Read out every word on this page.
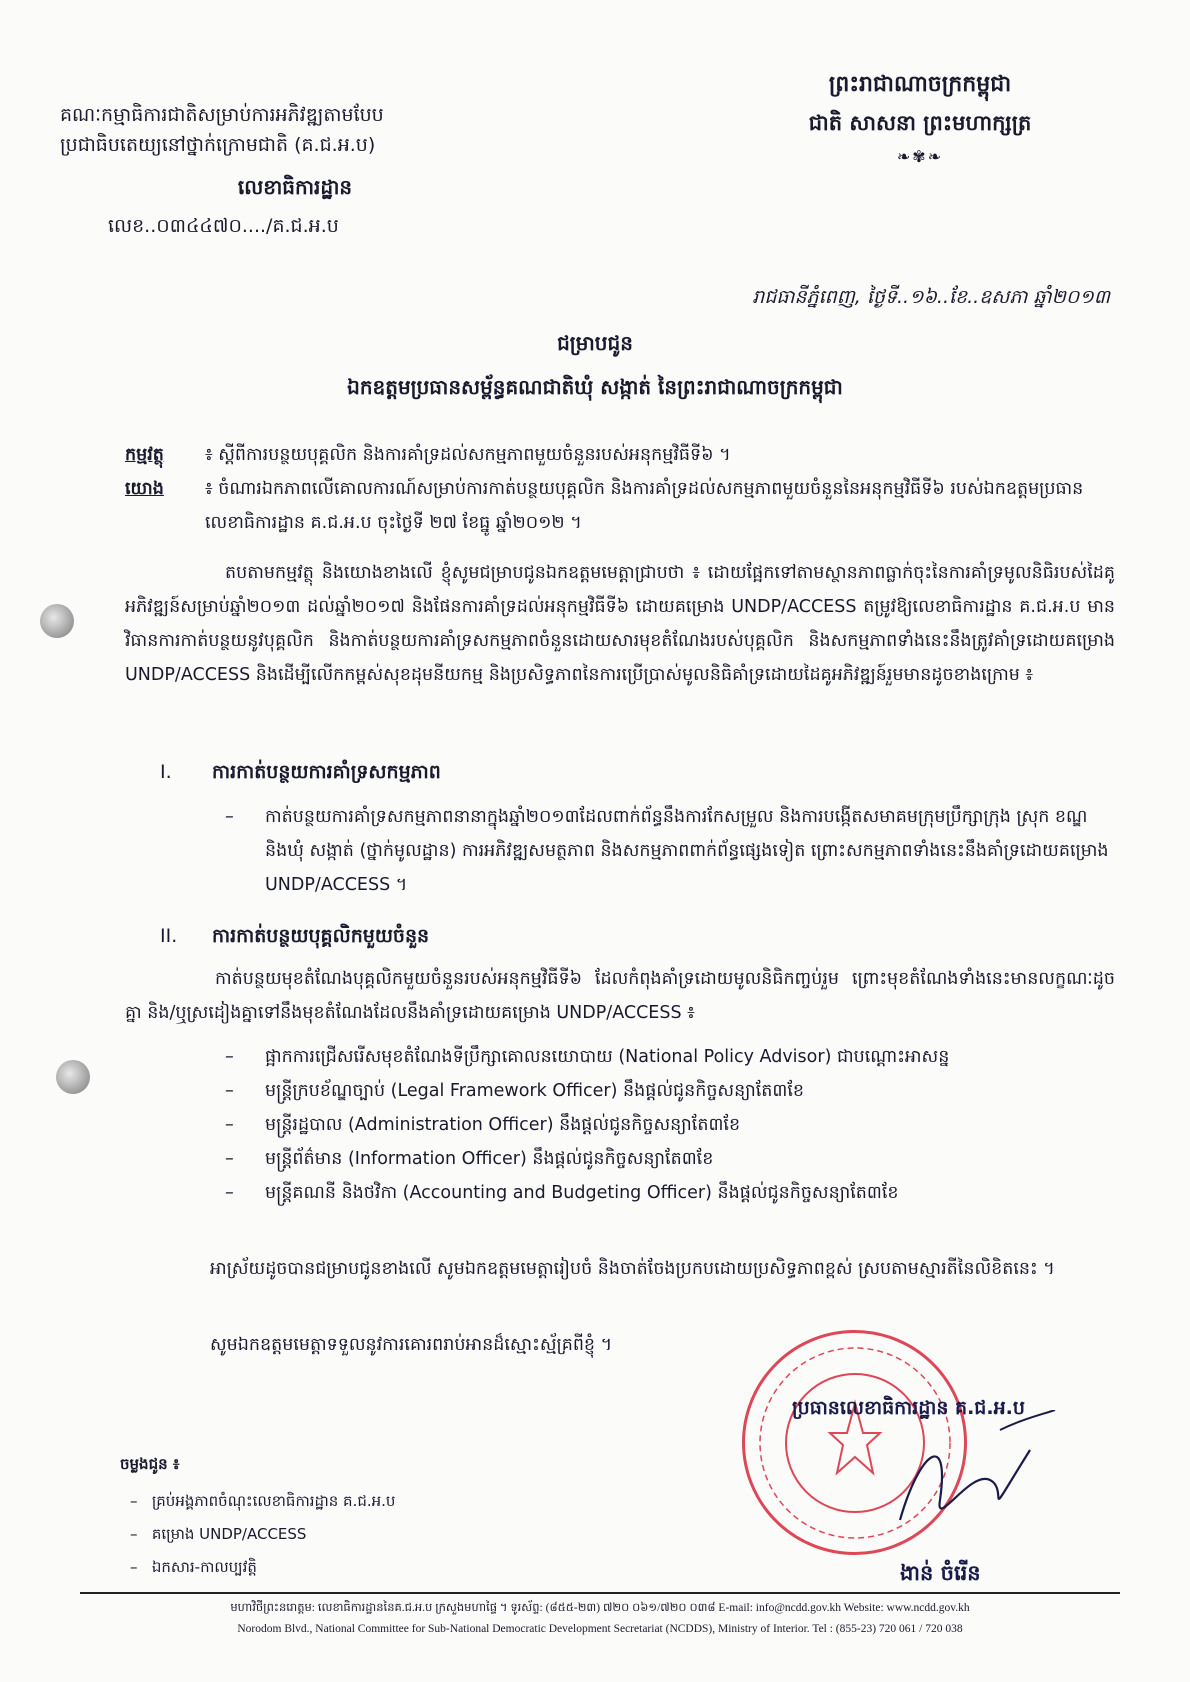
ព្រះរាជាណាចក្រកម្ពុជា
ជាតិ សាសនា ព្រះមហាក្សត្រ
❧✾❧
គណៈកម្មាធិការជាតិសម្រាប់ការអភិវឌ្ឍតាមបែប
ប្រជាធិបតេយ្យនៅថ្នាក់ក្រោមជាតិ (គ.ជ.អ.ប)
លេខាធិការដ្ឋាន
លេខ..០៣៤៤៧០..../គ.ជ.អ.ប
រាជធានីភ្នំពេញ, ថ្ងៃទី..១៦..ខែ..ឧសភា ឆ្នាំ២០១៣
ជម្រាបជូន
ឯកឧត្តមប្រធានសម្ព័ន្ធគណជាតិឃុំ សង្កាត់ នៃព្រះរាជាណាចក្រកម្ពុជា
កម្មវត្ថុ ៖ ស្តីពីការបន្ថយបុគ្គលិក និងការគាំទ្រដល់សកម្មភាពមួយចំនួនរបស់អនុកម្មវិធីទី៦ ។
យោង ៖ ចំណារឯកភាពលើគោលការណ៍សម្រាប់ការកាត់បន្ថយបុគ្គលិក និងការគាំទ្រដល់សកម្មភាពមួយចំនួននៃអនុកម្មវិធីទី៦ របស់ឯកឧត្តមប្រធានលេខាធិការដ្ឋាន គ.ជ.អ.ប ចុះថ្ងៃទី ២៧ ខែធ្នូ ឆ្នាំ២០១២ ។
តបតាមកម្មវត្ថុ និងយោងខាងលើ ខ្ញុំសូមជម្រាបជូនឯកឧត្តមមេត្តាជ្រាបថា ៖ ដោយផ្អែកទៅតាមស្ថានភាពធ្លាក់ចុះនៃការគាំទ្រមូលនិធិរបស់ដៃគូអភិវឌ្ឍន៍សម្រាប់ឆ្នាំ២០១៣ ដល់ឆ្នាំ២០១៧ និងផែនការគាំទ្រដល់អនុកម្មវិធីទី៦ ដោយគម្រោង UNDP/ACCESS តម្រូវឱ្យលេខាធិការដ្ឋាន គ.ជ.អ.ប មានវិធានការកាត់បន្ថយនូវបុគ្គលិក និងកាត់បន្ថយការគាំទ្រសកម្មភាពចំនួនដោយសារមុខតំណែងរបស់បុគ្គលិក និងសកម្មភាពទាំងនេះនឹងត្រូវគាំទ្រដោយគម្រោង UNDP/ACCESS និងដើម្បីលើកកម្ពស់សុខដុមនីយកម្ម និងប្រសិទ្ធភាពនៃការប្រើប្រាស់មូលនិធិគាំទ្រដោយដៃគូអភិវឌ្ឍន៍រួមមានដូចខាងក្រោម ៖
I. ការកាត់បន្ថយការគាំទ្រសកម្មភាព
–	កាត់បន្ថយការគាំទ្រសកម្មភាពនានាក្នុងឆ្នាំ២០១៣ដែលពាក់ព័ន្ធនឹងការកែសម្រួល និងការបង្កើតសមាគមក្រុមប្រឹក្សាក្រុង ស្រុក ខណ្ឌ និងឃុំ សង្កាត់ (ថ្នាក់មូលដ្ឋាន) ការអភិវឌ្ឍសមត្ថភាព និងសកម្មភាពពាក់ព័ន្ធផ្សេងទៀត ព្រោះសកម្មភាពទាំងនេះនឹងគាំទ្រដោយគម្រោង UNDP/ACCESS ។
II. ការកាត់បន្ថយបុគ្គលិកមួយចំនួន
កាត់បន្ថយមុខតំណែងបុគ្គលិកមួយចំនួនរបស់អនុកម្មវិធីទី៦ ដែលកំពុងគាំទ្រដោយមូលនិធិកញ្ចប់រួម ព្រោះមុខតំណែងទាំងនេះមានលក្ខណៈដូចគ្នា និង/ឬស្រដៀងគ្នាទៅនឹងមុខតំណែងដែលនឹងគាំទ្រដោយគម្រោង UNDP/ACCESS ៖
–	ផ្អាកការជ្រើសរើសមុខតំណែងទីប្រឹក្សាគោលនយោបាយ (National Policy Advisor) ជាបណ្តោះអាសន្ន
–	មន្ត្រីក្របខ័ណ្ឌច្បាប់ (Legal Framework Officer) នឹងផ្តល់ជូនកិច្ចសន្យាតែ៣ខែ
–	មន្ត្រីរដ្ឋបាល (Administration Officer) នឹងផ្តល់ជូនកិច្ចសន្យាតែ៣ខែ
–	មន្ត្រីព័ត៌មាន (Information Officer) នឹងផ្តល់ជូនកិច្ចសន្យាតែ៣ខែ
–	មន្ត្រីគណនី និងថវិកា (Accounting and Budgeting Officer) នឹងផ្តល់ជូនកិច្ចសន្យាតែ៣ខែ
អាស្រ័យដូចបានជម្រាបជូនខាងលើ សូមឯកឧត្តមមេត្តារៀបចំ និងចាត់ចែងប្រកបដោយប្រសិទ្ធភាពខ្ពស់ ស្របតាមស្មារតីនៃលិខិតនេះ ។
សូមឯកឧត្តមមេត្តាទទួលនូវការគោរពរាប់អានដ៏ស្មោះស្ម័គ្រពីខ្ញុំ ។
ប្រធានលេខាធិការដ្ឋាន គ.ជ.អ.ប
ងាន់ ចំរើន
ចម្លងជូន ៖
–   គ្រប់អង្គភាពចំណុះលេខាធិការដ្ឋាន គ.ជ.អ.ប
–   គម្រោង UNDP/ACCESS
–   ឯកសារ-កាលប្បវត្តិ
មហាវិថីព្រះនរោត្តម: លេខាធិការដ្ឋាននៃគ.ជ.អ.ប ក្រសួងមហាផ្ទៃ ។ ទូរស័ព្ទ: (៨៥៥-២៣) ៧២០ ០៦១/៧២០ ០៣៨ E-mail: info@ncdd.gov.kh Website: www.ncdd.gov.kh
Norodom Blvd., National Committee for Sub-National Democratic Development Secretariat (NCDDS), Ministry of Interior. Tel : (855-23) 720 061 / 720 038
